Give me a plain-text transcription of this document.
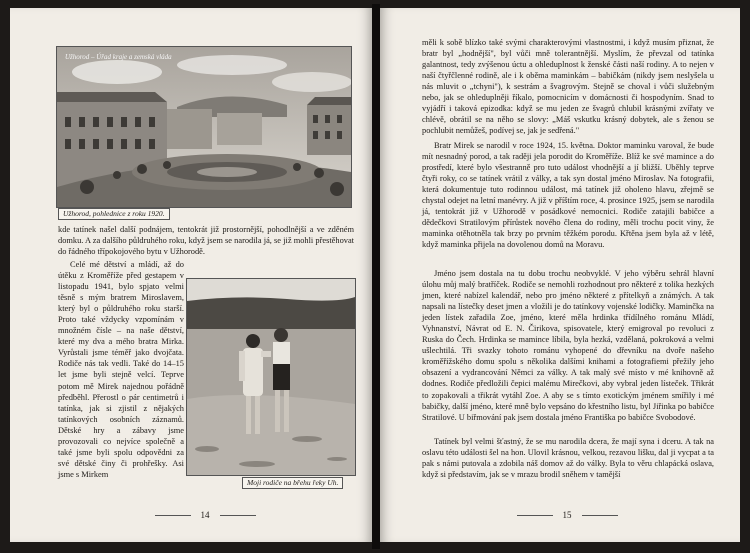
Užhorod – Úřad kraje a zemská vláda
Užhorod, pohlednice z roku 1920.

kde tatínek našel další podnájem, tentokrát již prostornější, pohodlnější a ve zděném domku. A za dalšího půldruhého roku, když jsem se narodila já, se již mohli přestěhovat do řádného třípokojového bytu v Užhorodě.

Celé mé dětství a mládí, až do útěku z Kroměříže před gestapem v listopadu 1941, bylo spjato velmi těsně s mým bratrem Miroslavem, který byl o půldruhého roku starší. Proto také vždycky vzpomínám v množném čísle – na naše dětství, které my dva a mého bratra Mirka. Vyrůstali jsme téměř jako dvojčata. Rodiče nás tak vedli. Také do 14–15 let jsme byli stejně velcí. Teprve potom mě Mirek najednou pořádně předběhl. Přerostl o pár centimetrů i tatínka, jak si zjistil z nějakých tatínkových osobních záznamů. Dětské hry a zábavy jsme provozovali co nejvíce společně a také jsme byli spolu odpovědni za své dětské činy či prohřešky. Asi jsme s Mirkem

Moji rodiče na břehu řeky Uh.
14

měli k sobě blízko také svými charakterovými vlastnostmi, i když musím přiznat, že bratr byl „hodnější", byl vůči mně tolerantnější. Myslím, že převzal od tatínka galantnost, tedy zvýšenou úctu a ohleduplnost k ženské části naší rodiny. A to nejen v naší čtyřčlenné rodině, ale i k oběma maminkám – babičkám (nikdy jsem neslyšela u nás mluvit o „tchyni"), k sestrám a švagrovým. Stejně se choval i vůči služebným nebo, jak se ohleduplněji říkalo, pomocnicím v domácnosti či hospodyním. Snad to vyjádří i taková epizodka: když se mu jeden ze švagrů chlubil krásnými zvířaty ve chlévě, obrátil se na něho se slovy: „Máš vskutku krásný dobytek, ale s ženou se pochlubit nemůžeš, podívej se, jak je sedřená."

Bratr Mirek se narodil v roce 1924, 15. května. Doktor maminku varoval, že bude mít nesnadný porod, a tak raději jela porodit do Kroměříže. Blíž ke své mamince a do prostředí, které bylo všestranně pro tuto událost vhodnější a jí bližší. Uběhly teprve čtyři roky, co se tatínek vrátil z války, a tak syn dostal jméno Miroslav. Na fotografii, která dokumentuje tuto rodinnou událost, má tatínek již oholeno hlavu, zřejmě se chystal odejet na letní manévry. A již v příštím roce, 4. prosince 1925, jsem se narodila já, tentokrát již v Užhorodě v posádkové nemocnici. Rodiče zatajili babičce a dědečkovi Stratilovým přírůstek nového člena do rodiny, měli trochu pocit viny, že maminka otěhotněla tak brzy po prvním těžkém porodu. Křtěna jsem byla až v létě, když maminka přijela na dovolenou domů na Moravu.

Jméno jsem dostala na tu dobu trochu neobvyklé. V jeho výběru sehrál hlavní úlohu můj malý bratříček. Rodiče se nemohli rozhodnout pro některé z tolika hezkých jmen, které nabízel kalendář, nebo pro jméno některé z přítelkyň a známých. A tak napsali na lístečky deset jmen a vložili je do tatínkovy vojenské lodičky. Maminčka na jeden lístek zařadila Zoe, jméno, které měla hrdinka třídílného románu Mládí, Vyhnanství, Návrat od E. N. Čirikova, spisovatele, který emigroval po revoluci z Ruska do Čech. Hrdinka se mamince líbila, byla hezká, vzdělaná, pokroková a velmi ušlechtilá. Tři svazky tohoto románu vyhoреné do dřevníku na dvoře našeho kroměřížského domu spolu s několika dalšími knihami a fotografiemi přežily jeho obsazení a vydrancování Němci za války. A tak malý své místo v mé knihovně až dodnes. Rodiče předložili čepici malému Mirečkovi, aby vybral jeden lísteček. Třikrát to zopakovali a třikrát vytáhl Zoe. A aby se s tímto exotickým jménem smířily i mé babičky, další jméno, které mně bylo vepsáno do křestního listu, byl Jiřinka po babičce Stratilové. U biřmování pak jsem dostala jméno Františka po babičce Svobodové.

Tatínek byl velmi šťastný, že se mu narodila dcera, že mají syna i dceru. A tak na oslavu této události šel na hon. Ulovil krásnou, velkou, rezavou lišku, dal ji vycpat a ta pak s námi putovala a zdobila náš domov až do války. Byla to věru chlapácká oslava, když si představím, jak se v mrazu brodil sněhem v tamější

15
